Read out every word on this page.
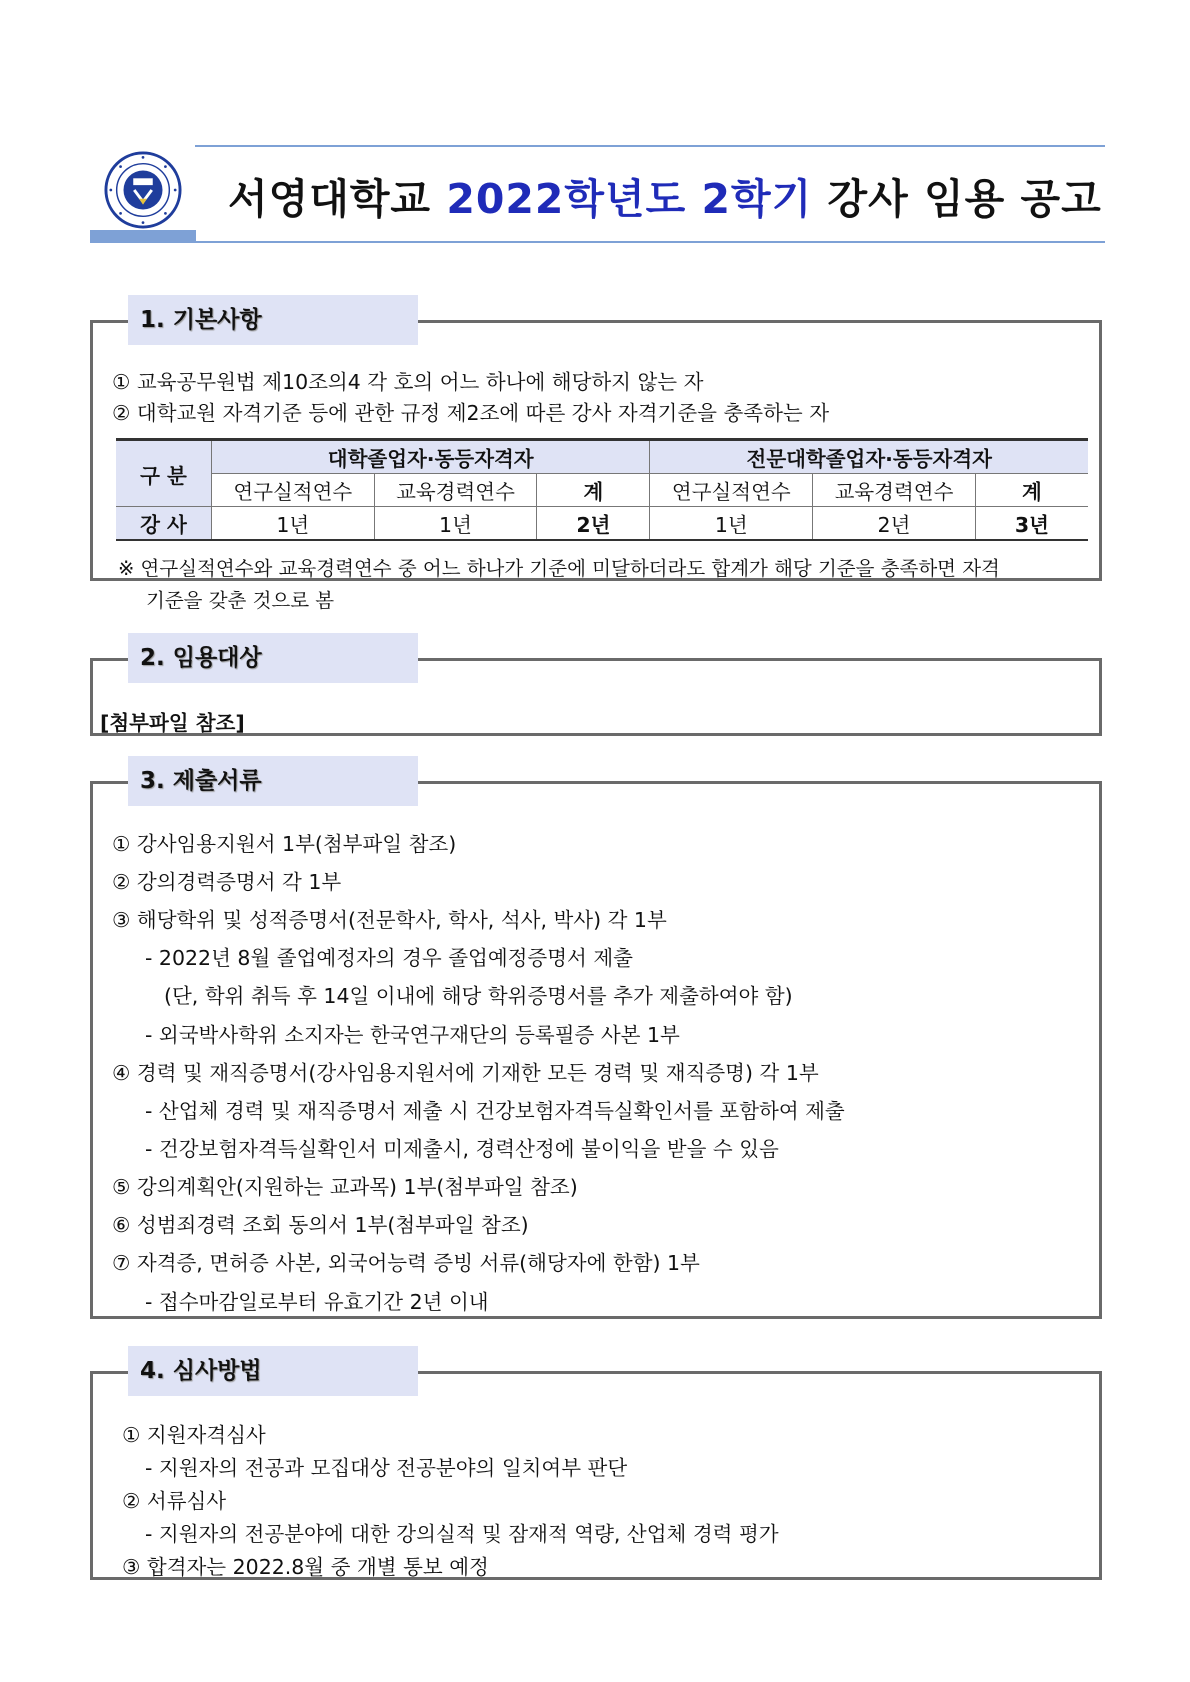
서영대학교 2022학년도 2학기 강사 임용 공고
1. 기본사항
① 교육공무원법 제10조의4 각 호의 어느 하나에 해당하지 않는 자
② 대학교원 자격기준 등에 관한 규정 제2조에 따른 강사 자격기준을 충족하는 자
구 분	대학졸업자·동등자격자			전문대학졸업자·동등자격자		
	연구실적연수	교육경력연수	계	연구실적연수	교육경력연수	계
강 사	1년	1년	2년	1년	2년	3년
※ 연구실적연수와 교육경력연수 중 어느 하나가 기준에 미달하더라도 합계가 해당 기준을 충족하면 자격
기준을 갖춘 것으로 봄
2. 임용대상
[첨부파일 참조]
3. 제출서류
① 강사임용지원서 1부(첨부파일 참조)
② 강의경력증명서 각 1부
③ 해당학위 및 성적증명서(전문학사, 학사, 석사, 박사) 각 1부
- 2022년 8월 졸업예정자의 경우 졸업예정증명서 제출
(단, 학위 취득 후 14일 이내에 해당 학위증명서를 추가 제출하여야 함)
- 외국박사학위 소지자는 한국연구재단의 등록필증 사본 1부
④ 경력 및 재직증명서(강사임용지원서에 기재한 모든 경력 및 재직증명) 각 1부
- 산업체 경력 및 재직증명서 제출 시 건강보험자격득실확인서를 포함하여 제출
- 건강보험자격득실확인서 미제출시, 경력산정에 불이익을 받을 수 있음
⑤ 강의계획안(지원하는 교과목) 1부(첨부파일 참조)
⑥ 성범죄경력 조회 동의서 1부(첨부파일 참조)
⑦ 자격증, 면허증 사본, 외국어능력 증빙 서류(해당자에 한함) 1부
- 접수마감일로부터 유효기간 2년 이내
4. 심사방법
① 지원자격심사
- 지원자의 전공과 모집대상 전공분야의 일치여부 판단
② 서류심사
- 지원자의 전공분야에 대한 강의실적 및 잠재적 역량, 산업체 경력 평가
③ 합격자는 2022.8월 중 개별 통보 예정
